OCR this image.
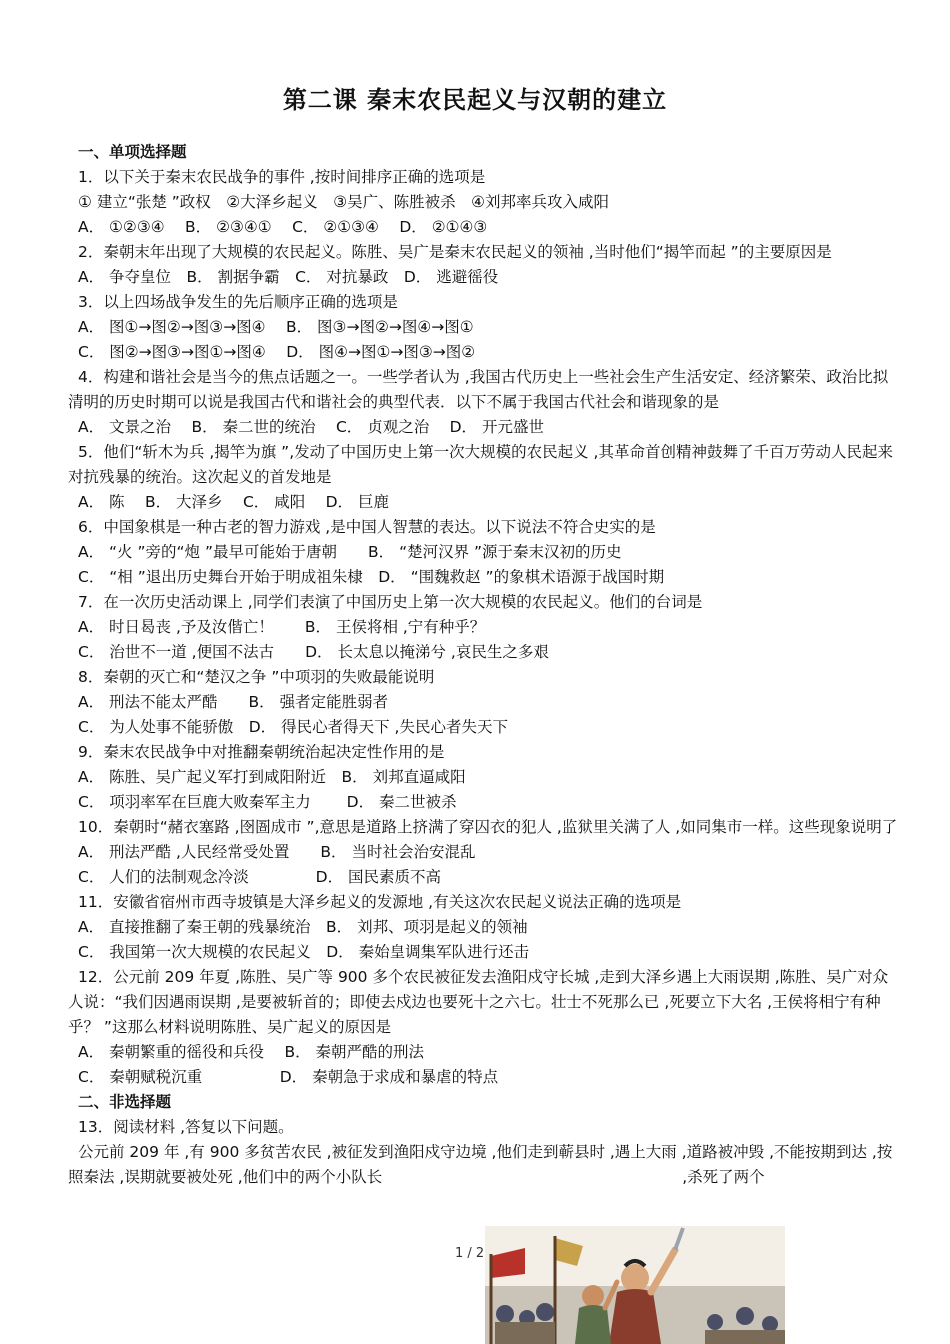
第二课 秦末农民起义与汉朝的建立
一、单项选择题
1．以下关于秦末农民战争的事件 ,按时间排序正确的选项是
① 建立“张楚 ”政权　②大泽乡起义　③吴广、陈胜被杀　④刘邦率兵攻入咸阳
A． ①②③④　 B． ②③④①　 C． ②①③④　 D． ②①④③
2．秦朝末年出现了大规模的农民起义。陈胜、吴广是秦末农民起义的领袖 ,当时他们“揭竿而起 ”的主要原因是
A． 争夺皇位　B． 割据争霸　C． 对抗暴政　D． 逃避徭役
3．以上四场战争发生的先后顺序正确的选项是
A． 图①→图②→图③→图④　 B． 图③→图②→图④→图①
C． 图②→图③→图①→图④　 D． 图④→图①→图③→图②
4．构建和谐社会是当今的焦点话题之一。一些学者认为 ,我国古代历史上一些社会生产生活安定、经济繁荣、政治比拟清明的历史时期可以说是我国古代和谐社会的典型代表．以下不属于我国古代社会和谐现象的是
A． 文景之治　 B． 秦二世的统治　 C． 贞观之治　 D． 开元盛世
5．他们“斩木为兵 ,揭竿为旗 ”,发动了中国历史上第一次大规模的农民起义 ,其革命首创精神鼓舞了千百万劳动人民起来对抗残暴的统治。这次起义的首发地是
A． 陈　 B． 大泽乡　 C． 咸阳　 D． 巨鹿
6．中国象棋是一种古老的智力游戏 ,是中国人智慧的表达。以下说法不符合史实的是
A． “火 ”旁的“炮 ”最早可能始于唐朝　　B． “楚河汉界 ”源于秦末汉初的历史
C． “相 ”退出历史舞台开始于明成祖朱棣　D． “围魏救赵 ”的象棋术语源于战国时期
7．在一次历史活动课上 ,同学们表演了中国历史上第一次大规模的农民起义。他们的台词是
A． 时日曷丧 ,予及汝偕亡！　　B． 王侯将相 ,宁有种乎？
C． 治世不一道 ,便国不法古　　D． 长太息以掩涕兮 ,哀民生之多艰
8．秦朝的灭亡和“楚汉之争 ”中项羽的失败最能说明
A． 刑法不能太严酷　　B． 强者定能胜弱者
C． 为人处事不能骄傲　D． 得民心者得天下 ,失民心者失天下
9．秦末农民战争中对推翻秦朝统治起决定性作用的是
A． 陈胜、吴广起义军打到咸阳附近　B． 刘邦直逼咸阳
C． 项羽率军在巨鹿大败秦军主力　　 D． 秦二世被杀
10．秦朝时“赭衣塞路 ,囹圄成市 ”,意思是道路上挤满了穿囚衣的犯人 ,监狱里关满了人 ,如同集市一样。这些现象说明了
A． 刑法严酷 ,人民经常受处置　　B． 当时社会治安混乱
C． 人们的法制观念冷淡　　　　 D． 国民素质不高
11．安徽省宿州市西寺坡镇是大泽乡起义的发源地 ,有关这次农民起义说法正确的选项是
A． 直接推翻了秦王朝的残暴统治　B． 刘邦、项羽是起义的领袖
C． 我国第一次大规模的农民起义　D． 秦始皇调集军队进行还击
12．公元前 209 年夏 ,陈胜、吴广等 900 多个农民被征发去渔阳戍守长城 ,走到大泽乡遇上大雨误期 ,陈胜、吴广对众人说：“我们因遇雨误期 ,是要被斩首的；即使去戍边也要死十之六七。壮士不死那么已 ,死要立下大名 ,王侯将相宁有种乎？ ”这那么材料说明陈胜、吴广起义的原因是
A． 秦朝繁重的徭役和兵役　 B． 秦朝严酷的刑法
C． 秦朝赋税沉重　　　　　D． 秦朝急于求成和暴虐的特点
二、非选择题
13．阅读材料 ,答复以下问题。
公元前 209 年 ,有 900 多贫苦农民 ,被征发到渔阳戍守边境 ,他们走到蕲县时 ,遇上大雨 ,道路被冲毁 ,不能按期到达 ,按照秦法 ,误期就要被处死 ,他们中的两个小队长	,杀死了两个
1 / 2
